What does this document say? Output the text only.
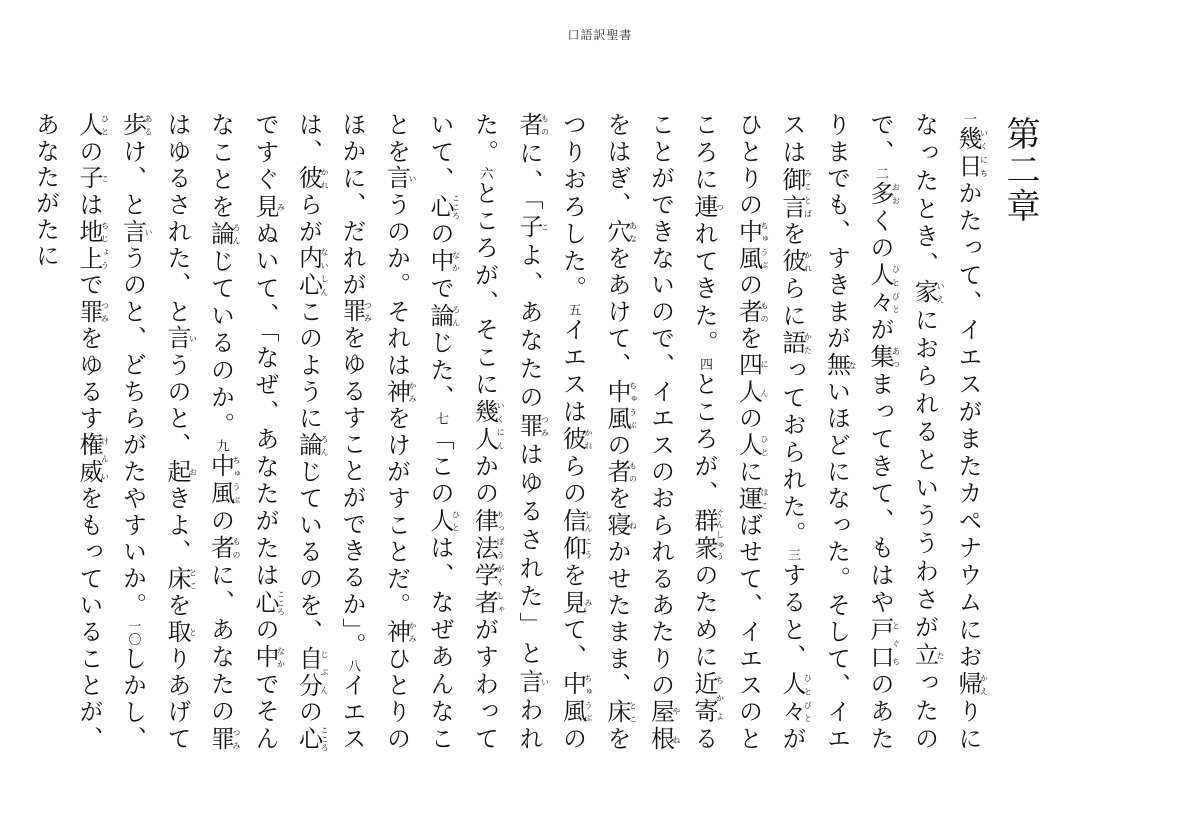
口語訳聖書
第二章

一幾日いくにちかたって、イエスがまたカペナウムにお帰かえりになったとき、家いえにおられるといううわさが立たったので、二多おおくの人々ひとびとが集あつまってきて、もはや戸口とぐちのあたりまでも、すきまが無ないほどになった。そして、イエスは御言みことばを彼かれらに語かたっておられた。三すると、人々ひとびとがひとりの中風ちゅうぶの者ものを四人にんの人ひとに運はこばせて、イエスのところに連つれてきた。四ところが、群衆ぐんしゅうのために近寄ちかよることができないので、イエスのおられるあたりの屋根やねをはぎ、穴あなをあけて、中風ちゅうぶの者ものを寝ねかせたまま、床とこをつりおろした。五イエスは彼かれらの信仰しんこうを見みて、中風ちゅうぶの者ものに、「子こよ、あなたの罪つみはゆるされた」と言いわれた。六ところが、そこに幾人いくにんかの律法学者りっぽうがくしゃがすわっていて、心こころの中なかで論ろんじた、七「この人ひとは、なぜあんなことを言いうのか。それは神かみをけがすことだ。神かみひとりのほかに、だれが罪つみをゆるすことができるか」。八イエスは、彼かれらが内心ないしんこのように論ろんじているのを、自分じぶんの心こころですぐ見みぬいて、「なぜ、あなたがたは心こころの中なかでそんなことを論ろんじているのか。九中風ちゅうぶの者ものに、あなたの罪つみはゆるされた、と言いうのと、起おきよ、床とこを取とりあげて歩あるけ、と言いうのと、どちらがたやすいか。一〇しかし、人ひとの子こは地上ちじょうで罪つみをゆるす権威けんいをもっていることが、あなたがたに
